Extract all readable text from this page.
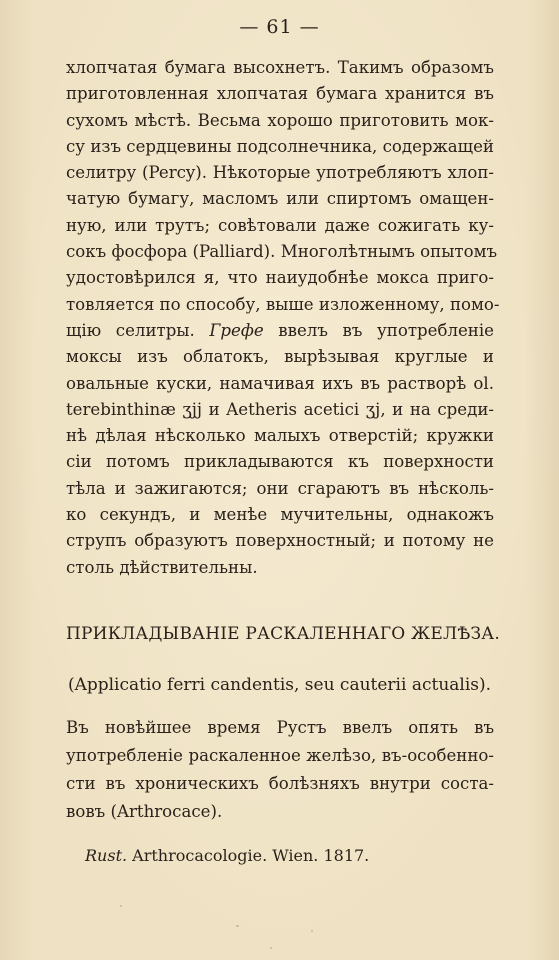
— 61 —
хлопчатая бумага высохнетъ. Такимъ образомъ
приготовленная хлопчатая бумага хранится въ
сухомъ мѣстѣ. Весьма хорошо приготовить мок-
су изъ сердцевины подсолнечника, содержащей
селитру (Percy). Нѣкоторые употребляютъ хлоп-
чатую бумагу, масломъ или спиртомъ омащен-
ную, или трутъ; совѣтовали даже сожигать ку-
сокъ фосфора (Palliard). Многолѣтнымъ опытомъ
удостовѣрился я, что наиудобнѣе мокса приго-
товляется по способу, выше изложенному, помо-
щію селитры. Грефе ввелъ въ употребленіе
моксы изъ облатокъ, вырѣзывая круглые и
овальные куски, намачивая ихъ въ растворѣ ol.
terebinthinæ ʒjj и Aetheris acetici ʒj, и на среди-
нѣ дѣлая нѣсколько малыхъ отверстій; кружки
сіи потомъ прикладываются къ поверхности
тѣла и зажигаются; они сгараютъ въ нѣсколь-
ко секундъ, и менѣе мучительны, однакожъ
струпъ образуютъ поверхностный; и потому не
столь дѣйствительны.
ПРИКЛАДЫВАНІЕ РАСКАЛЕННАГО ЖЕЛѢЗА.
(Applicatio ferri candentis, seu cauterii actualis).
Въ новѣйшее время Рустъ ввелъ опять въ
употребленіе раскаленное желѣзо, въ-особенно-
сти въ хроническихъ болѣзняхъ внутри соста-
вовъ (Arthrocace).
Rust. Arthrocacologie. Wien. 1817.
